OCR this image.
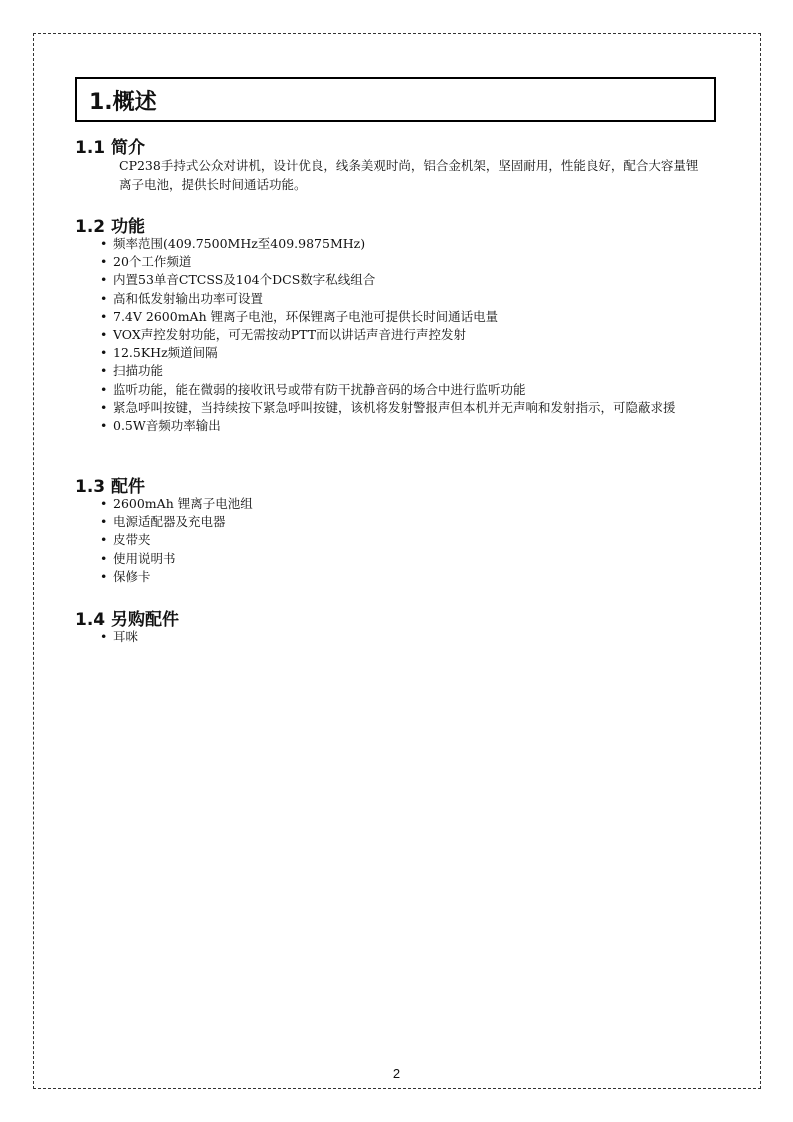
1.概述
1.1 简介
CP238手持式公众对讲机，设计优良，线条美观时尚，铝合金机架，坚固耐用，性能良好，配合大容量锂离子电池，提供长时间通话功能。
1.2 功能
• 频率范围(409.7500MHz至409.9875MHz)
• 20个工作频道
• 内置53单音CTCSS及104个DCS数字私线组合
• 高和低发射输出功率可设置
• 7.4V 2600mAh 锂离子电池，环保锂离子电池可提供长时间通话电量
• VOX声控发射功能，可无需按动PTT而以讲话声音进行声控发射
• 12.5KHz频道间隔
• 扫描功能
• 监听功能，能在微弱的接收讯号或带有防干扰静音码的场合中进行监听功能
• 紧急呼叫按键，当持续按下紧急呼叫按键，该机将发射警报声但本机并无声响和发射指示，可隐蔽求援
• 0.5W音频功率输出
1.3 配件
• 2600mAh 锂离子电池组
• 电源适配器及充电器
• 皮带夹
• 使用说明书
• 保修卡
1.4 另购配件
• 耳咪
2
